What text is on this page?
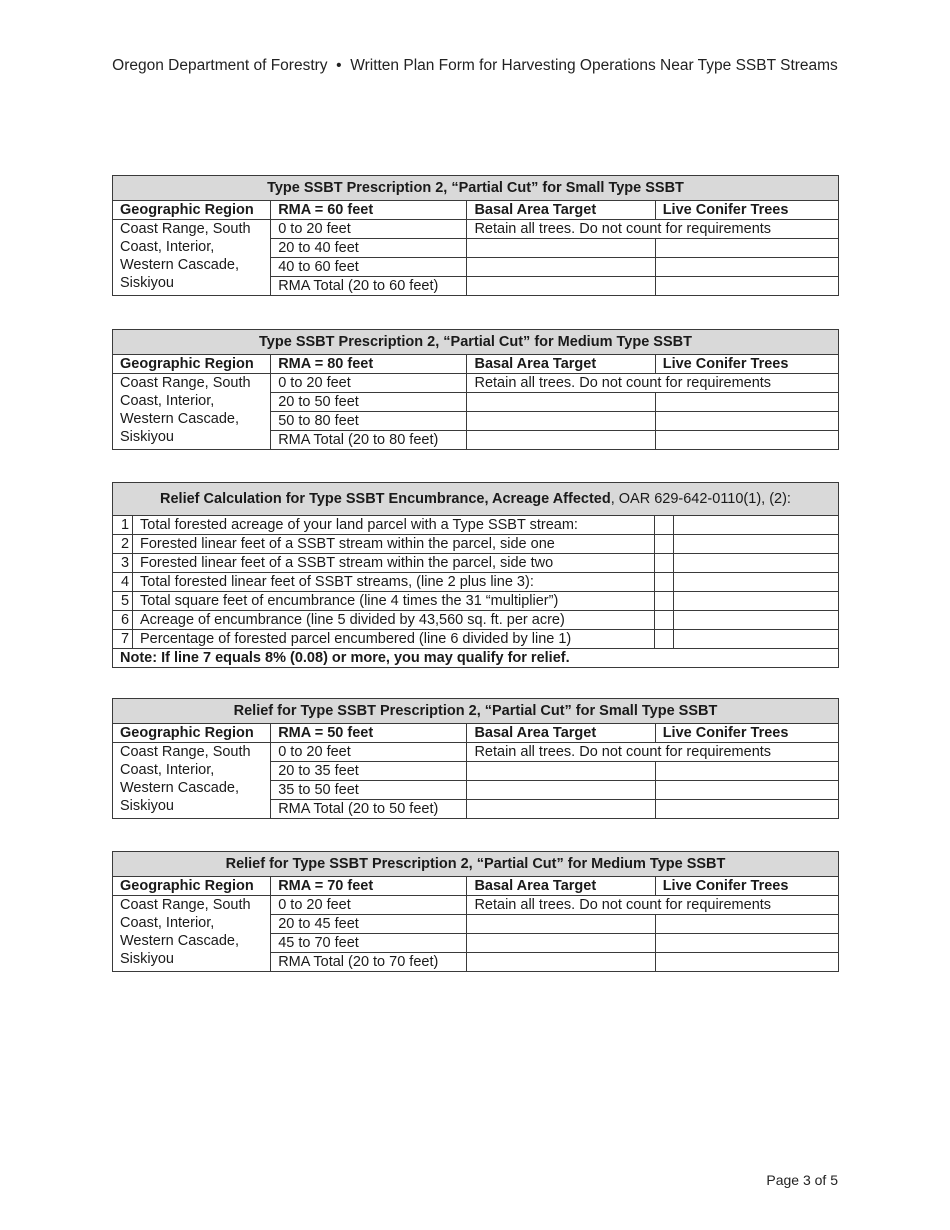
Oregon Department of Forestry • Written Plan Form for Harvesting Operations Near Type SSBT Streams
Type SSBT Prescription 2, “Partial Cut” for Small Type SSBT			
Geographic Region	RMA = 60 feet	Basal Area Target	Live Conifer Trees

Coast Range, South
Coast, Interior,
Western Cascade,
Siskiyou	0 to 20 feet	Retain all trees. Do not count for requirements	
	20 to 40 feet		
	40 to 60 feet		
	RMA Total (20 to 60 feet)		
Type SSBT Prescription 2, “Partial Cut” for Medium Type SSBT			
Geographic Region	RMA = 80 feet	Basal Area Target	Live Conifer Trees

Coast Range, South
Coast, Interior,
Western Cascade,
Siskiyou	0 to 20 feet	Retain all trees. Do not count for requirements	
	20 to 50 feet		
	50 to 80 feet		
	RMA Total (20 to 80 feet)		
Relief Calculation for Type SSBT Encumbrance, Acreage Affected, OAR 629-642-0110(1), (2):		
1	Total forested acreage of your land parcel with a Type SSBT stream:	

2	Forested linear feet of a SSBT stream within the parcel, side one	

3	Forested linear feet of a SSBT stream within the parcel, side two	

4	Total forested linear feet of SSBT streams, (line 2 plus line 3):	

5	Total square feet of encumbrance (line 4 times the 31 “multiplier”)	

6	Acreage of encumbrance (line 5 divided by 43,560 sq. ft. per acre)	

7	Percentage of forested parcel encumbered (line 6 divided by line 1)	

Note: If line 7 equals 8% (0.08) or more, you may qualify for relief.		
Relief for Type SSBT Prescription 2, “Partial Cut” for Small Type SSBT			
Geographic Region	RMA = 50 feet	Basal Area Target	Live Conifer Trees

Coast Range, South
Coast, Interior,
Western Cascade,
Siskiyou	0 to 20 feet	Retain all trees. Do not count for requirements	
	20 to 35 feet		
	35 to 50 feet		
	RMA Total (20 to 50 feet)		
Relief for Type SSBT Prescription 2, “Partial Cut” for Medium Type SSBT			
Geographic Region	RMA = 70 feet	Basal Area Target	Live Conifer Trees

Coast Range, South
Coast, Interior,
Western Cascade,
Siskiyou	0 to 20 feet	Retain all trees. Do not count for requirements	
	20 to 45 feet		
	45 to 70 feet		
	RMA Total (20 to 70 feet)		
Page 3 of 5
